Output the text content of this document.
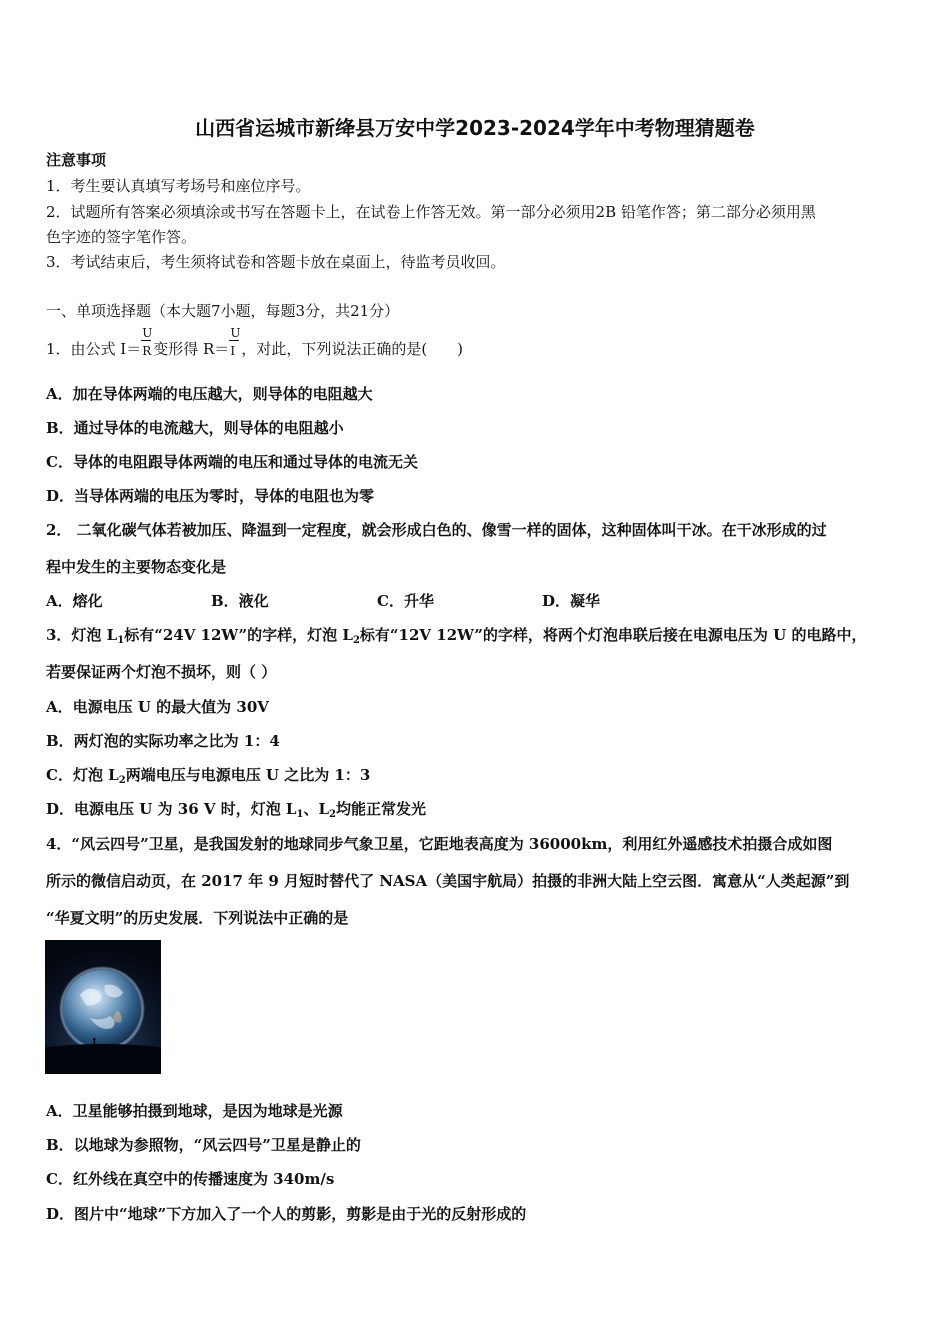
山西省运城市新绛县万安中学2023-2024学年中考物理猜题卷
注意事项
1．考生要认真填写考场号和座位序号。
2．试题所有答案必须填涂或书写在答题卡上，在试卷上作答无效。第一部分必须用2B 铅笔作答；第二部分必须用黑
色字迹的签字笔作答。
3．考试结束后，考生须将试卷和答题卡放在桌面上，待监考员收回。
一、单项选择题（本大题7小题，每题3分，共21分）
1．由公式 $I= \frac{U}{R}$ 变形得 $R= \frac{U}{I}$ ，对此，下列说法正确的是(　　)
A．加在导体两端的电压越大，则导体的电阻越大
B．通过导体的电流越大，则导体的电阻越小
C．导体的电阻跟导体两端的电压和通过导体的电流无关
D．当导体两端的电压为零时，导体的电阻也为零
2． 二氧化碳气体若被加压、降温到一定程度，就会形成白色的、像雪一样的固体，这种固体叫干冰。在干冰形成的过
程中发生的主要物态变化是
A．熔化	B．液化	C．升华	D．凝华
3．灯泡 $L_1$标有“24V 12W”的字样，灯泡 $L_2$标有“12V 12W”的字样，将两个灯泡串联后接在电源电压为 U 的电路中，
若要保证两个灯泡不损坏，则（ ）
A．电源电压 U 的最大值为 30V
B．两灯泡的实际功率之比为 1：4
C．灯泡 $L_2$两端电压与电源电压 U 之比为 1：3
D．电源电压 U 为 36 V 时，灯泡 $L_1$、$L_2$均能正常发光
4．“风云四号”卫星，是我国发射的地球同步气象卫星，它距地表高度为 36000km，利用红外遥感技术拍摄合成如图
所示的微信启动页，在 2017 年 9 月短时替代了 NASA（美国宇航局）拍摄的非洲大陆上空云图．寓意从“人类起源”到
“华夏文明”的历史发展．下列说法中正确的是
A．卫星能够拍摄到地球，是因为地球是光源
B．以地球为参照物，“风云四号”卫星是静止的
C．红外线在真空中的传播速度为 340m/s
D．图片中“地球”下方加入了一个人的剪影，剪影是由于光的反射形成的
